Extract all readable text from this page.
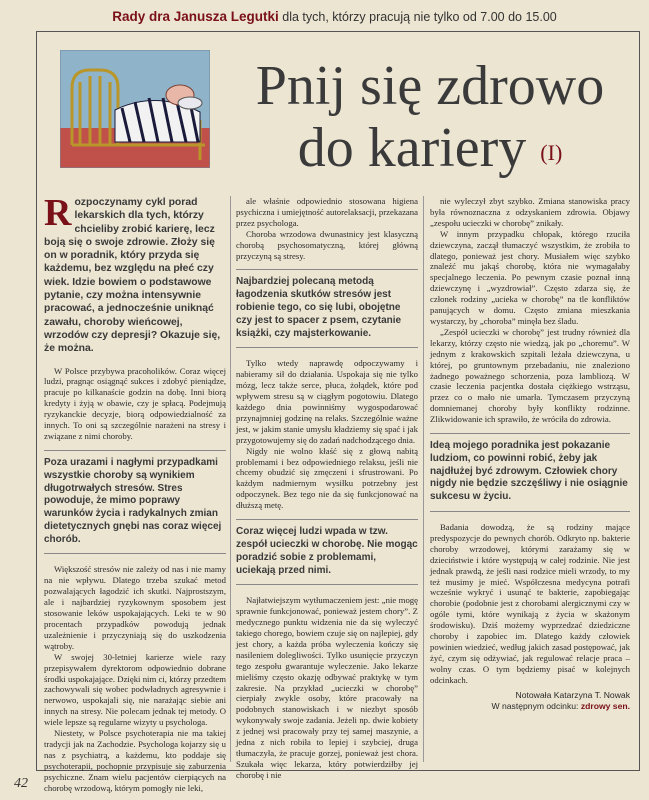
Rady dra Janusza Legutki dla tych, którzy pracują nie tylko od 7.00 do 15.00
Pnij się zdrowo
do kariery (I)
Rozpoczynamy cykl porad lekarskich dla tych, którzy chcieliby zrobić karierę, lecz boją się o swoje zdrowie. Złoży się on w poradnik, który przyda się każdemu, bez względu na płeć czy wiek. Idzie bowiem o podstawowe pytanie, czy można intensywnie pracować, a jednocześnie uniknąć zawału, choroby wieńcowej, wrzodów czy depresji? Okazuje się, że można.

W Polsce przybywa pracoholików. Coraz więcej ludzi, pragnąc osiągnąć sukces i zdobyć pieniądze, pracuje po kilkanaście godzin na dobę. Inni biorą kredyty i żyją w obawie, czy je spłacą. Podejmują ryzykanckie decyzje, biorą odpowiedzialność za innych. To oni są szczególnie narażeni na stresy i związane z nimi choroby.

Poza urazami i nagłymi przypadkami wszystkie choroby są wynikiem długotrwałych stresów. Stres powoduje, że mimo poprawy warunków życia i radykalnych zmian dietetycznych gnębi nas coraz więcej chorób.

Większość stresów nie zależy od nas i nie mamy na nie wpływu. Dlatego trzeba szukać metod pozwalających łagodzić ich skutki. Najprostszym, ale i najbardziej ryzykownym sposobem jest stosowanie leków uspokajających. Leki te w 90 procentach przypadków powodują jednak uzależnienie i przyczyniają się do uszkodzenia wątroby.

W swojej 30-letniej karierze wiele razy przepisywałem dyrektorom odpowiednio dobrane środki uspokajające. Dzięki nim ci, którzy przedtem zachowywali się wobec podwładnych agresywnie i nerwowo, uspokajali się, nie narażając siebie ani innych na stresy. Nie polecam jednak tej metody. O wiele lepsze są regularne wizyty u psychologa.

Niestety, w Polsce psychoterapia nie ma takiej tradycji jak na Zachodzie. Psychologa kojarzy się u nas z psychiatrą, a każdemu, kto poddaje się psychoterapii, pochopnie przypisuje się zaburzenia psychiczne. Znam wielu pacjentów cierpiących na chorobę wrzodową, którym pomogły nie leki,

ale właśnie odpowiednio stosowana higiena psychiczna i umiejętność autorelaksacji, przekazana przez psychologa.

Choroba wrzodowa dwunastnicy jest klasyczną chorobą psychosomatyczną, której główną przyczyną są stresy.

Najbardziej polecaną metodą łagodzenia skutków stresów jest robienie tego, co się lubi, obojętne czy jest to spacer z psem, czytanie książki, czy majsterkowanie.

Tylko wtedy naprawdę odpoczywamy i nabieramy sił do działania. Uspokaja się nie tylko mózg, lecz także serce, płuca, żołądek, które pod wpływem stresu są w ciągłym pogotowiu. Dlatego każdego dnia powinniśmy wygospodarować przynajmniej godzinę na relaks. Szczególnie ważne jest, w jakim stanie umysłu kładziemy się spać i jak przygotowujemy się do zadań nadchodzącego dnia.

Nigdy nie wolno kłaść się z głową nabitą problemami i bez odpowiedniego relaksu, jeśli nie chcemy obudzić się zmęczeni i sfrustrowani. Po każdym nadmiernym wysiłku potrzebny jest odpoczynek. Bez tego nie da się funkcjonować na dłuższą metę.

Coraz więcej ludzi wpada w tzw. zespół ucieczki w chorobę. Nie mogąc poradzić sobie z problemami, uciekają przed nimi.

Najłatwiejszym wytłumaczeniem jest: „nie mogę sprawnie funkcjonować, ponieważ jestem chory”. Z medycznego punktu widzenia nie da się wyleczyć takiego chorego, bowiem czuje się on najlepiej, gdy jest chory, a każda próba wyleczenia kończy się nasileniem dolegliwości. Tylko usunięcie przyczyn tego zespołu gwarantuje wyleczenie. Jako lekarze mieliśmy często okazję odbywać praktykę w tym zakresie. Na przykład „ucieczki w chorobę” cierpiały zwykle osoby, które pracowały na podobnych stanowiskach i w niezbyt sposób wykonywały swoje zadania. Jeżeli np. dwie kobiety z jednej wsi pracowały przy tej samej maszynie, a jedna z nich robiła to lepiej i szybciej, druga tłumaczyła, że pracuje gorzej, ponieważ jest chora. Szukała więc lekarza, który potwierdziłby jej chorobę i nie

nie wyleczył zbyt szybko. Zmiana stanowiska pracy była równoznaczna z odzyskaniem zdrowia. Objawy „zespołu ucieczki w chorobę” znikały.

W innym przypadku chłopak, którego rzuciła dziewczyna, zaczął tłumaczyć wszystkim, że zrobiła to dlatego, ponieważ jest chory. Musiałem więc szybko znaleźć mu jakąś chorobę, która nie wymagałaby specjalnego leczenia. Po pewnym czasie poznał inną dziewczynę i „wyzdrowiał”. Często zdarza się, że członek rodziny „ucieka w chorobę” na tle konfliktów panujących w domu. Często zmiana mieszkania wystarczy, by „choroba” minęła bez śladu.

„Zespół ucieczki w chorobę” jest trudny również dla lekarzy, którzy często nie wiedzą, jak po „choremu”. W jednym z krakowskich szpitali leżała dziewczyna, u której, po gruntownym przebadaniu, nie znaleziono żadnego poważnego schorzenia, poza lambliozą. W czasie leczenia pacjentka dostała ciężkiego wstrząsu, przez co o mało nie umarła. Tymczasem przyczyną domniemanej choroby były konflikty rodzinne. Zlikwidowanie ich sprawiło, że wróciła do zdrowia.

Ideą mojego poradnika jest pokazanie ludziom, co powinni robić, żeby jak najdłużej być zdrowym. Człowiek chory nigdy nie będzie szczęśliwy i nie osiągnie sukcesu w życiu.

Badania dowodzą, że są rodziny mające predyspozycje do pewnych chorób. Odkryto np. bakterie choroby wrzodowej, którymi zarażamy się w dzieciństwie i które występują w całej rodzinie. Nie jest jednak prawdą, że jeśli nasi rodzice mieli wrzody, to my też musimy je mieć. Współczesna medycyna potrafi wcześnie wykryć i usunąć te bakterie, zapobiegając chorobie (podobnie jest z chorobami alergicznymi czy w ogóle tymi, które wynikają z życia w skażonym środowisku). Dziś możemy wyprzedzać dziedziczne choroby i zapobiec im. Dlatego każdy człowiek powinien wiedzieć, według jakich zasad postępować, jak żyć, czym się odżywiać, jak regulować relacje praca – wolny czas. O tym będziemy pisać w kolejnych odcinkach.

Notowała Katarzyna T. Nowak
W następnym odcinku: zdrowy sen.
42
